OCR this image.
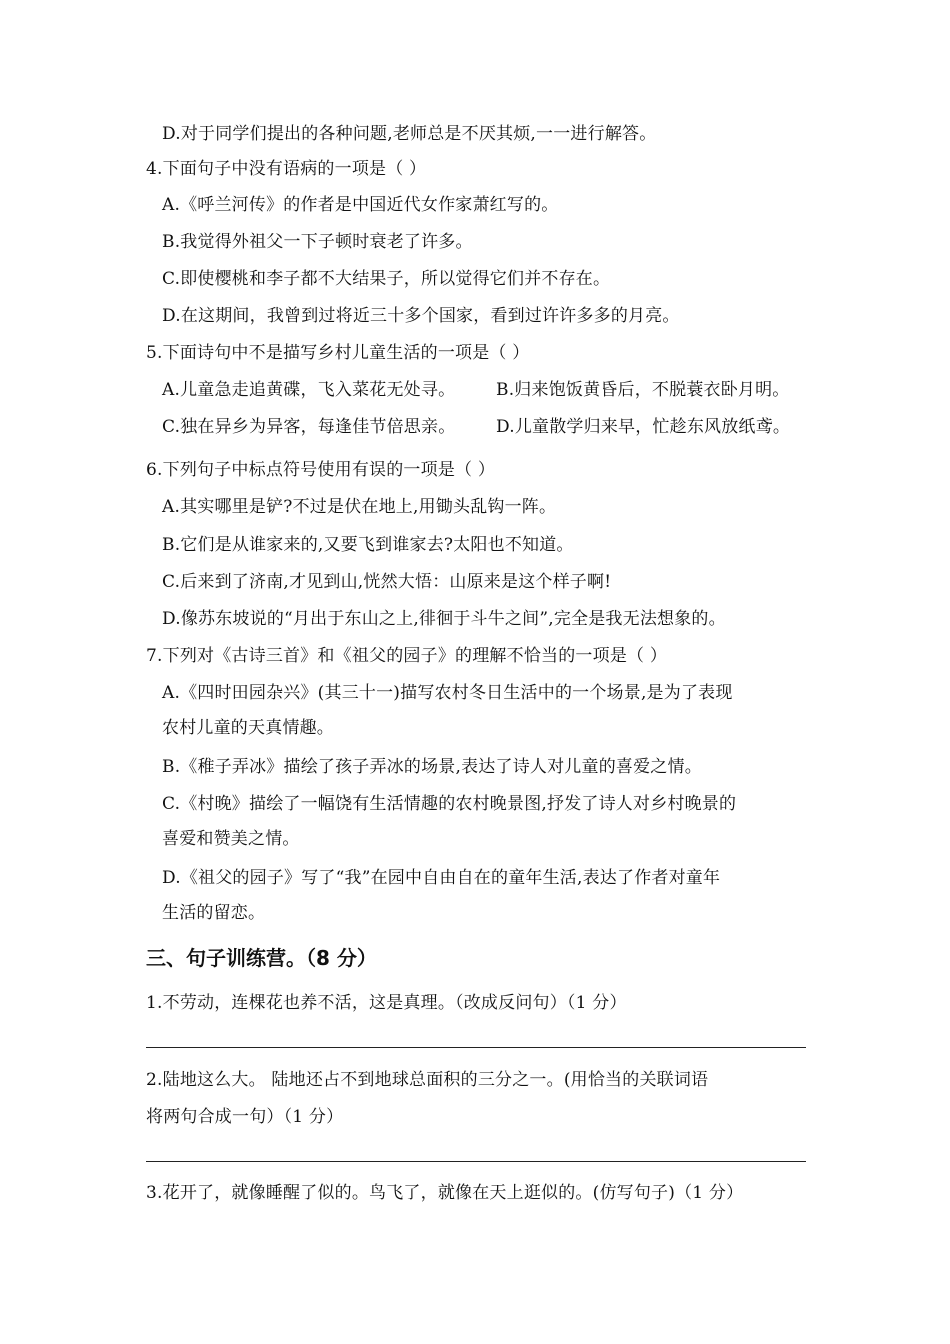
D.对于同学们提出的各种问题,老师总是不厌其烦,一一进行解答。
4.下面句子中没有语病的一项是（ ）
A.《呼兰河传》的作者是中国近代女作家萧红写的。
B.我觉得外祖父一下子顿时衰老了许多。
C.即使樱桃和李子都不大结果子，所以觉得它们并不存在。
D.在这期间，我曾到过将近三十多个国家，看到过许许多多的月亮。
5.下面诗句中不是描写乡村儿童生活的一项是（ ）
A.儿童急走追黄碟，飞入菜花无处寻。 B.归来饱饭黄昏后，不脱蓑衣卧月明。
C.独在异乡为异客，每逢佳节倍思亲。 D.儿童散学归来早，忙趁东风放纸鸢。
6.下列句子中标点符号使用有误的一项是（ ）
A.其实哪里是铲?不过是伏在地上,用锄头乱钩一阵。
B.它们是从谁家来的,又要飞到谁家去?太阳也不知道。
C.后来到了济南,才见到山,恍然大悟：山原来是这个样子啊!
D.像苏东坡说的“月出于东山之上,徘徊于斗牛之间”,完全是我无法想象的。
7.下列对《古诗三首》和《祖父的园子》的理解不恰当的一项是（ ）
A.《四时田园杂兴》(其三十一)描写农村冬日生活中的一个场景,是为了表现
农村儿童的天真情趣。
B.《稚子弄冰》描绘了孩子弄冰的场景,表达了诗人对儿童的喜爱之情。
C.《村晚》描绘了一幅饶有生活情趣的农村晚景图,抒发了诗人对乡村晚景的
喜爱和赞美之情。
D.《祖父的园子》写了“我”在园中自由自在的童年生活,表达了作者对童年
生活的留恋。
三、句子训练营。（8 分）
1.不劳动，连棵花也养不活，这是真理。（改成反问句）（1 分）
2.陆地这么大。 陆地还占不到地球总面积的三分之一。(用恰当的关联词语
将两句合成一句）（1 分）
3.花开了，就像睡醒了似的。鸟飞了，就像在天上逛似的。(仿写句子)（1 分）
